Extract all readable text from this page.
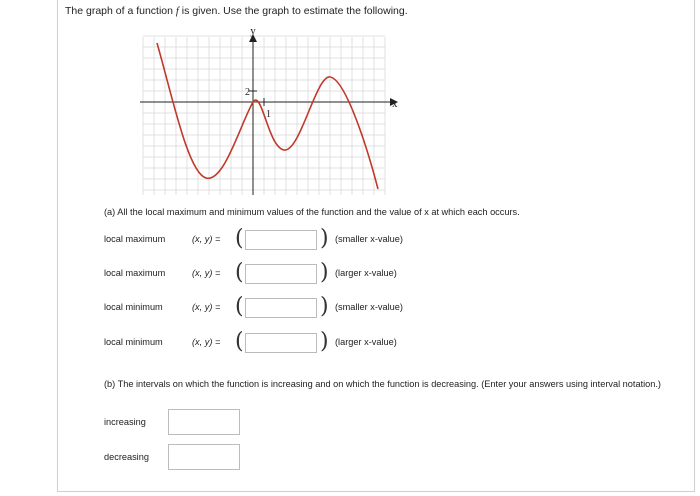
The graph of a function f is given. Use the graph to estimate the following.
y
x
2
1
(a) All the local maximum and minimum values of the function and the value of x at which each occurs.
local maximum	(x, y) = (	) (smaller x-value)
local maximum	(x, y) = (	) (larger x-value)
local minimum	(x, y) = (	) (smaller x-value)
local minimum	(x, y) = (	) (larger x-value)
(b) The intervals on which the function is increasing and on which the function is decreasing. (Enter your answers using interval notation.)
increasing
decreasing
